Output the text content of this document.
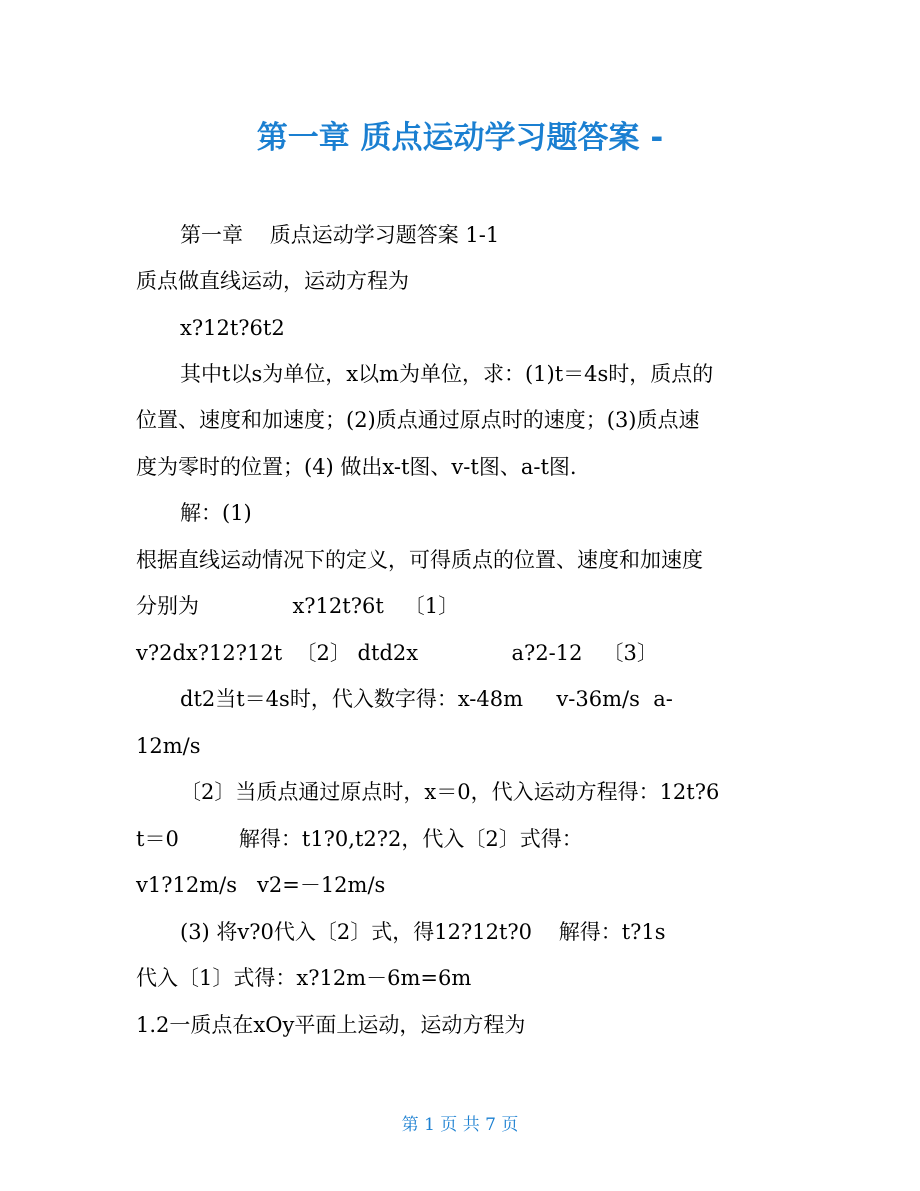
第一章 质点运动学习题答案 -
第一章    质点运动学习题答案 1-1
质点做直线运动，运动方程为
x?12t?6t2
其中t以s为单位，x以m为单位，求：(1)t＝4s时，质点的
位置、速度和加速度；(2)质点通过原点时的速度；(3)质点速
度为零时的位置；(4) 做出x-t图、v-t图、a-t图.
解：(1)
根据直线运动情况下的定义，可得质点的位置、速度和加速度
分别为              x?12t?6t   〔1〕
v?2dx?12?12t  〔2〕 dtd2x              a?2-12   〔3〕
dt2当t＝4s时，代入数字得：x-48m     v-36m/s  a-
12m/s
〔2〕当质点通过原点时，x＝0，代入运动方程得：12t?6
t＝0         解得：t1?0,t2?2，代入〔2〕式得：
v1?12m/s   v2=－12m/s
(3) 将v?0代入〔2〕式，得12?12t?0    解得：t?1s
代入〔1〕式得：x?12m－6m=6m
1.2一质点在xOy平面上运动，运动方程为
第 1 页 共 7 页
